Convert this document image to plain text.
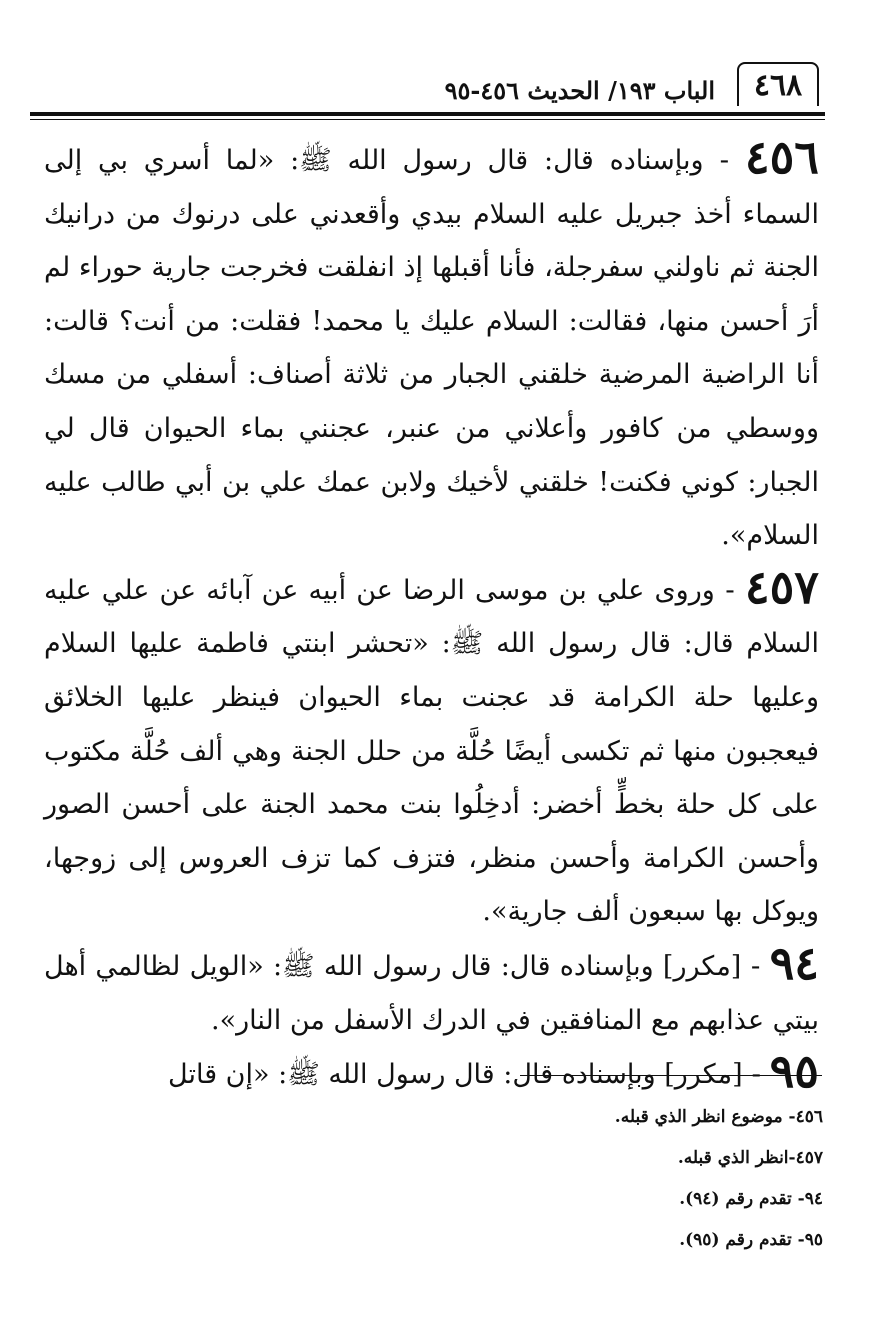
٤٦٨
الباب ١٩٣/ الحديث ٤٥٦-٩٥

٤٥٦ - وبإسناده قال: قال رسول الله ﷺ: «لما أسري بي إلى السماء أخذ جبريل عليه السلام بيدي وأقعدني على درنوك من درانيك الجنة ثم ناولني سفرجلة، فأنا أقبلها إذ انفلقت فخرجت جارية حوراء لم أرَ أحسن منها، فقالت: السلام عليك يا محمد! فقلت: من أنت؟ قالت: أنا الراضية المرضية خلقني الجبار من ثلاثة أصناف: أسفلي من مسك ووسطي من كافور وأعلاني من عنبر، عجنني بماء الحيوان قال لي الجبار: كوني فكنت! خلقني لأخيك ولابن عمك علي بن أبي طالب عليه السلام».

٤٥٧ - وروى علي بن موسى الرضا عن أبيه عن آبائه عن علي عليه السلام قال: قال رسول الله ﷺ: «تحشر ابنتي فاطمة عليها السلام وعليها حلة الكرامة قد عجنت بماء الحيوان فينظر عليها الخلائق فيعجبون منها ثم تكسى أيضًا حُلَّة من حلل الجنة وهي ألف حُلَّة مكتوب على كل حلة بخطٍّ أخضر: أدخِلُوا بنت محمد الجنة على أحسن الصور وأحسن الكرامة وأحسن منظر، فتزف كما تزف العروس إلى زوجها، ويوكل بها سبعون ألف جارية».

٩٤ - [مكرر] وبإسناده قال: قال رسول الله ﷺ: «الويل لظالمي أهل بيتي عذابهم مع المنافقين في الدرك الأسفل من النار».

٩٥ - [مكرر] وبإسناده قال: قال رسول الله ﷺ: «إن قاتل

٤٥٦- موضوع انظر الذي قبله.

٤٥٧-انظر الذي قبله.

٩٤- تقدم رقم (٩٤).

٩٥- تقدم رقم (٩٥).
